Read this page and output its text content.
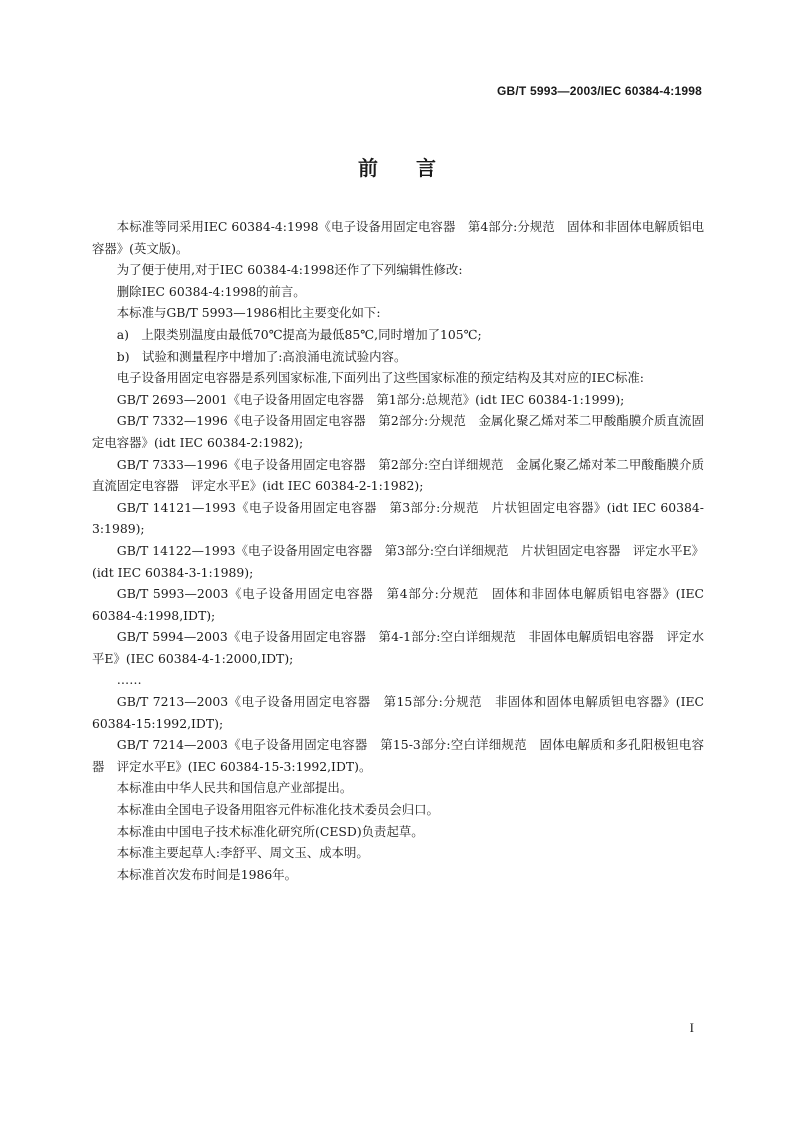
GB/T 5993—2003/IEC 60384-4:1998
前言

本标准等同采用IEC 60384-4:1998《电子设备用固定电容器　第4部分:分规范　固体和非固体电解质铝电容器》(英文版)。

为了便于使用,对于IEC 60384-4:1998还作了下列编辑性修改:

删除IEC 60384-4:1998的前言。

本标准与GB/T 5993—1986相比主要变化如下:

a)　上限类别温度由最低70℃提高为最低85℃,同时增加了105℃;

b)　试验和测量程序中增加了:高浪涌电流试验内容。

电子设备用固定电容器是系列国家标准,下面列出了这些国家标准的预定结构及其对应的IEC标准:

GB/T 2693—2001《电子设备用固定电容器　第1部分:总规范》(idt IEC 60384-1:1999);

GB/T 7332—1996《电子设备用固定电容器　第2部分:分规范　金属化聚乙烯对苯二甲酸酯膜介质直流固定电容器》(idt IEC 60384-2:1982);

GB/T 7333—1996《电子设备用固定电容器　第2部分:空白详细规范　金属化聚乙烯对苯二甲酸酯膜介质　直流固定电容器　评定水平E》(idt IEC 60384-2-1:1982);

GB/T 14121—1993《电子设备用固定电容器　第3部分:分规范　片状钽固定电容器》(idt IEC 60384-3:1989);

GB/T 14122—1993《电子设备用固定电容器　第3部分:空白详细规范　片状钽固定电容器　评定水平E》(idt IEC 60384-3-1:1989);

GB/T 5993—2003《电子设备用固定电容器　第4部分:分规范　固体和非固体电解质铝电容器》(IEC 60384-4:1998,IDT);

GB/T 5994—2003《电子设备用固定电容器　第4-1部分:空白详细规范　非固体电解质铝电容器　评定水平E》(IEC 60384-4-1:2000,IDT);

……

GB/T 7213—2003《电子设备用固定电容器　第15部分:分规范　非固体和固体电解质钽电容器》(IEC 60384-15:1992,IDT);

GB/T 7214—2003《电子设备用固定电容器　第15-3部分:空白详细规范　固体电解质和多孔阳极钽电容器　评定水平E》(IEC 60384-15-3:1992,IDT)。

本标准由中华人民共和国信息产业部提出。

本标准由全国电子设备用阻容元件标准化技术委员会归口。

本标准由中国电子技术标准化研究所(CESD)负责起草。

本标准主要起草人:李舒平、周文玉、成本明。

本标准首次发布时间是1986年。

I
